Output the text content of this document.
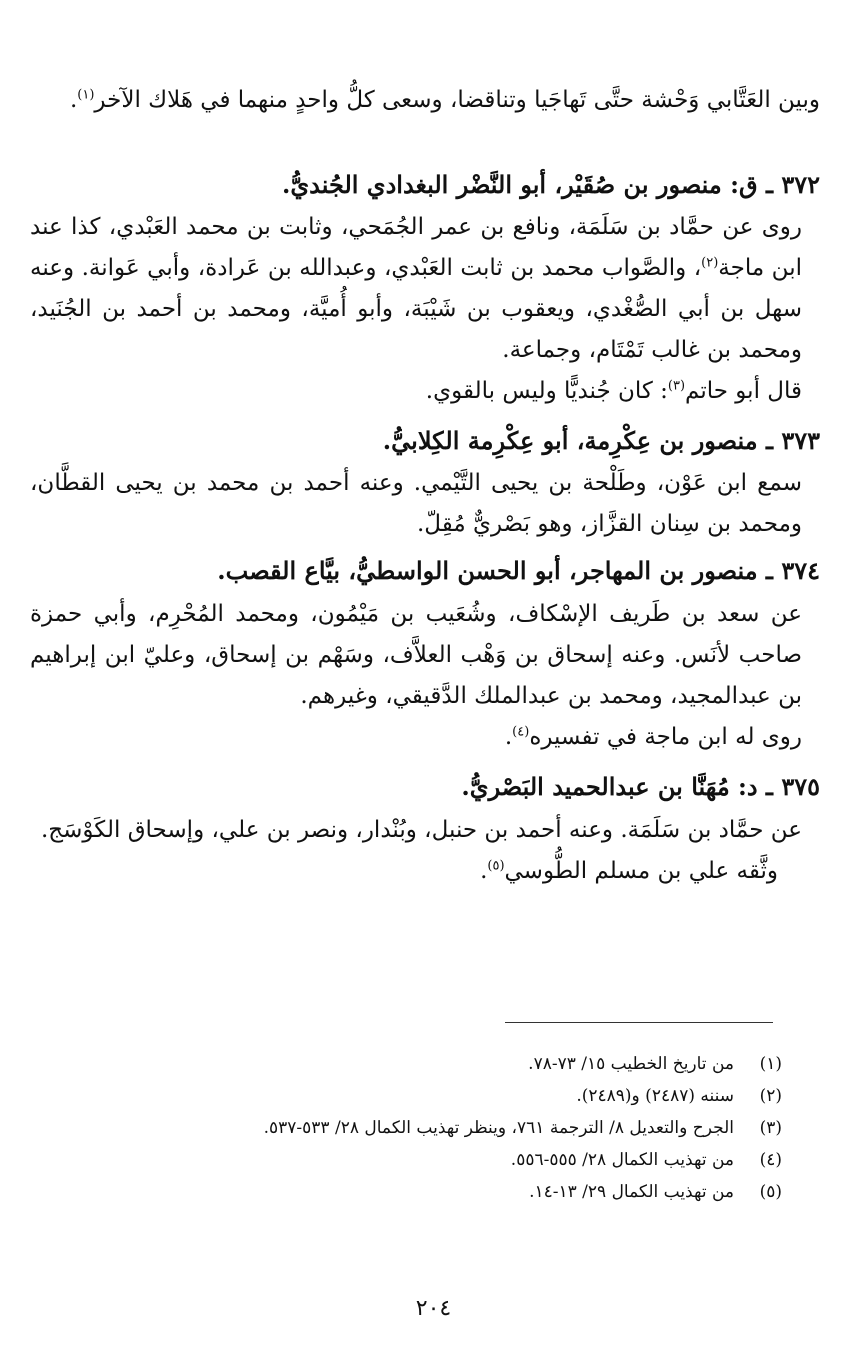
وبين العَتَّابي وَحْشة حتَّى تَهاجَيا وتناقضا، وسعى كلُّ واحدٍ منهما في هَلاك الآخر$^{(١)}$.

٣٧٢ ـ ق: منصور بن صُقَيْر، أبو النَّضْر البغدادي الجُنديُّ.

روى عن حمَّاد بن سَلَمَة، ونافع بن عمر الجُمَحي، وثابت بن محمد العَبْدي، كذا عند ابن ماجة$^{(٢)}$، والصَّواب محمد بن ثابت العَبْدي، وعبدالله بن عَرادة، وأبي عَوانة. وعنه سهل بن أبي الصُّغْدي، ويعقوب بن شَيْبَة، وأبو أُميَّة، ومحمد بن أحمد بن الجُنَيد، ومحمد بن غالب تَمْتَام، وجماعة.

قال أبو حاتم$^{(٣)}$: كان جُنديًّا وليس بالقوي.

٣٧٣ ـ منصور بن عِكْرِمة، أبو عِكْرِمة الكِلابيُّ.

سمع ابن عَوْن، وطَلْحة بن يحيى التَّيْمي. وعنه أحمد بن محمد بن يحيى القطَّان، ومحمد بن سِنان القزَّاز، وهو بَصْريٌّ مُقِلّ.

٣٧٤ ـ منصور بن المهاجر، أبو الحسن الواسطيُّ، بيَّاع القصب.

عن سعد بن طَريف الإسْكاف، وشُعَيب بن مَيْمُون، ومحمد المُحْرِم، وأبي حمزة صاحب لأنَس. وعنه إسحاق بن وَهْب العلاَّف، وسَهْم بن إسحاق، وعليّ ابن إبراهيم بن عبدالمجيد، ومحمد بن عبدالملك الدَّقيقي، وغيرهم.

روى له ابن ماجة في تفسيره$^{(٤)}$.

٣٧٥ ـ د: مُهَنَّا بن عبدالحميد البَصْريُّ.

عن حمَّاد بن سَلَمَة. وعنه أحمد بن حنبل، وبُنْدار، ونصر بن علي، وإسحاق الكَوْسَج.

وثَّقه علي بن مسلم الطُّوسي$^{(٥)}$.

(١)
من تاريخ الخطيب ١٥/ ٧٣-٧٨.
(٢)
سننه (٢٤٨٧) و(٢٤٨٩).
(٣)
الجرح والتعديل ٨/ الترجمة ٧٦١، وينظر تهذيب الكمال ٢٨/ ٥٣٣-٥٣٧.
(٤)
من تهذيب الكمال ٢٨/ ٥٥٥-٥٥٦.
(٥)
من تهذيب الكمال ٢٩/ ١٣-١٤.
٢٠٤
